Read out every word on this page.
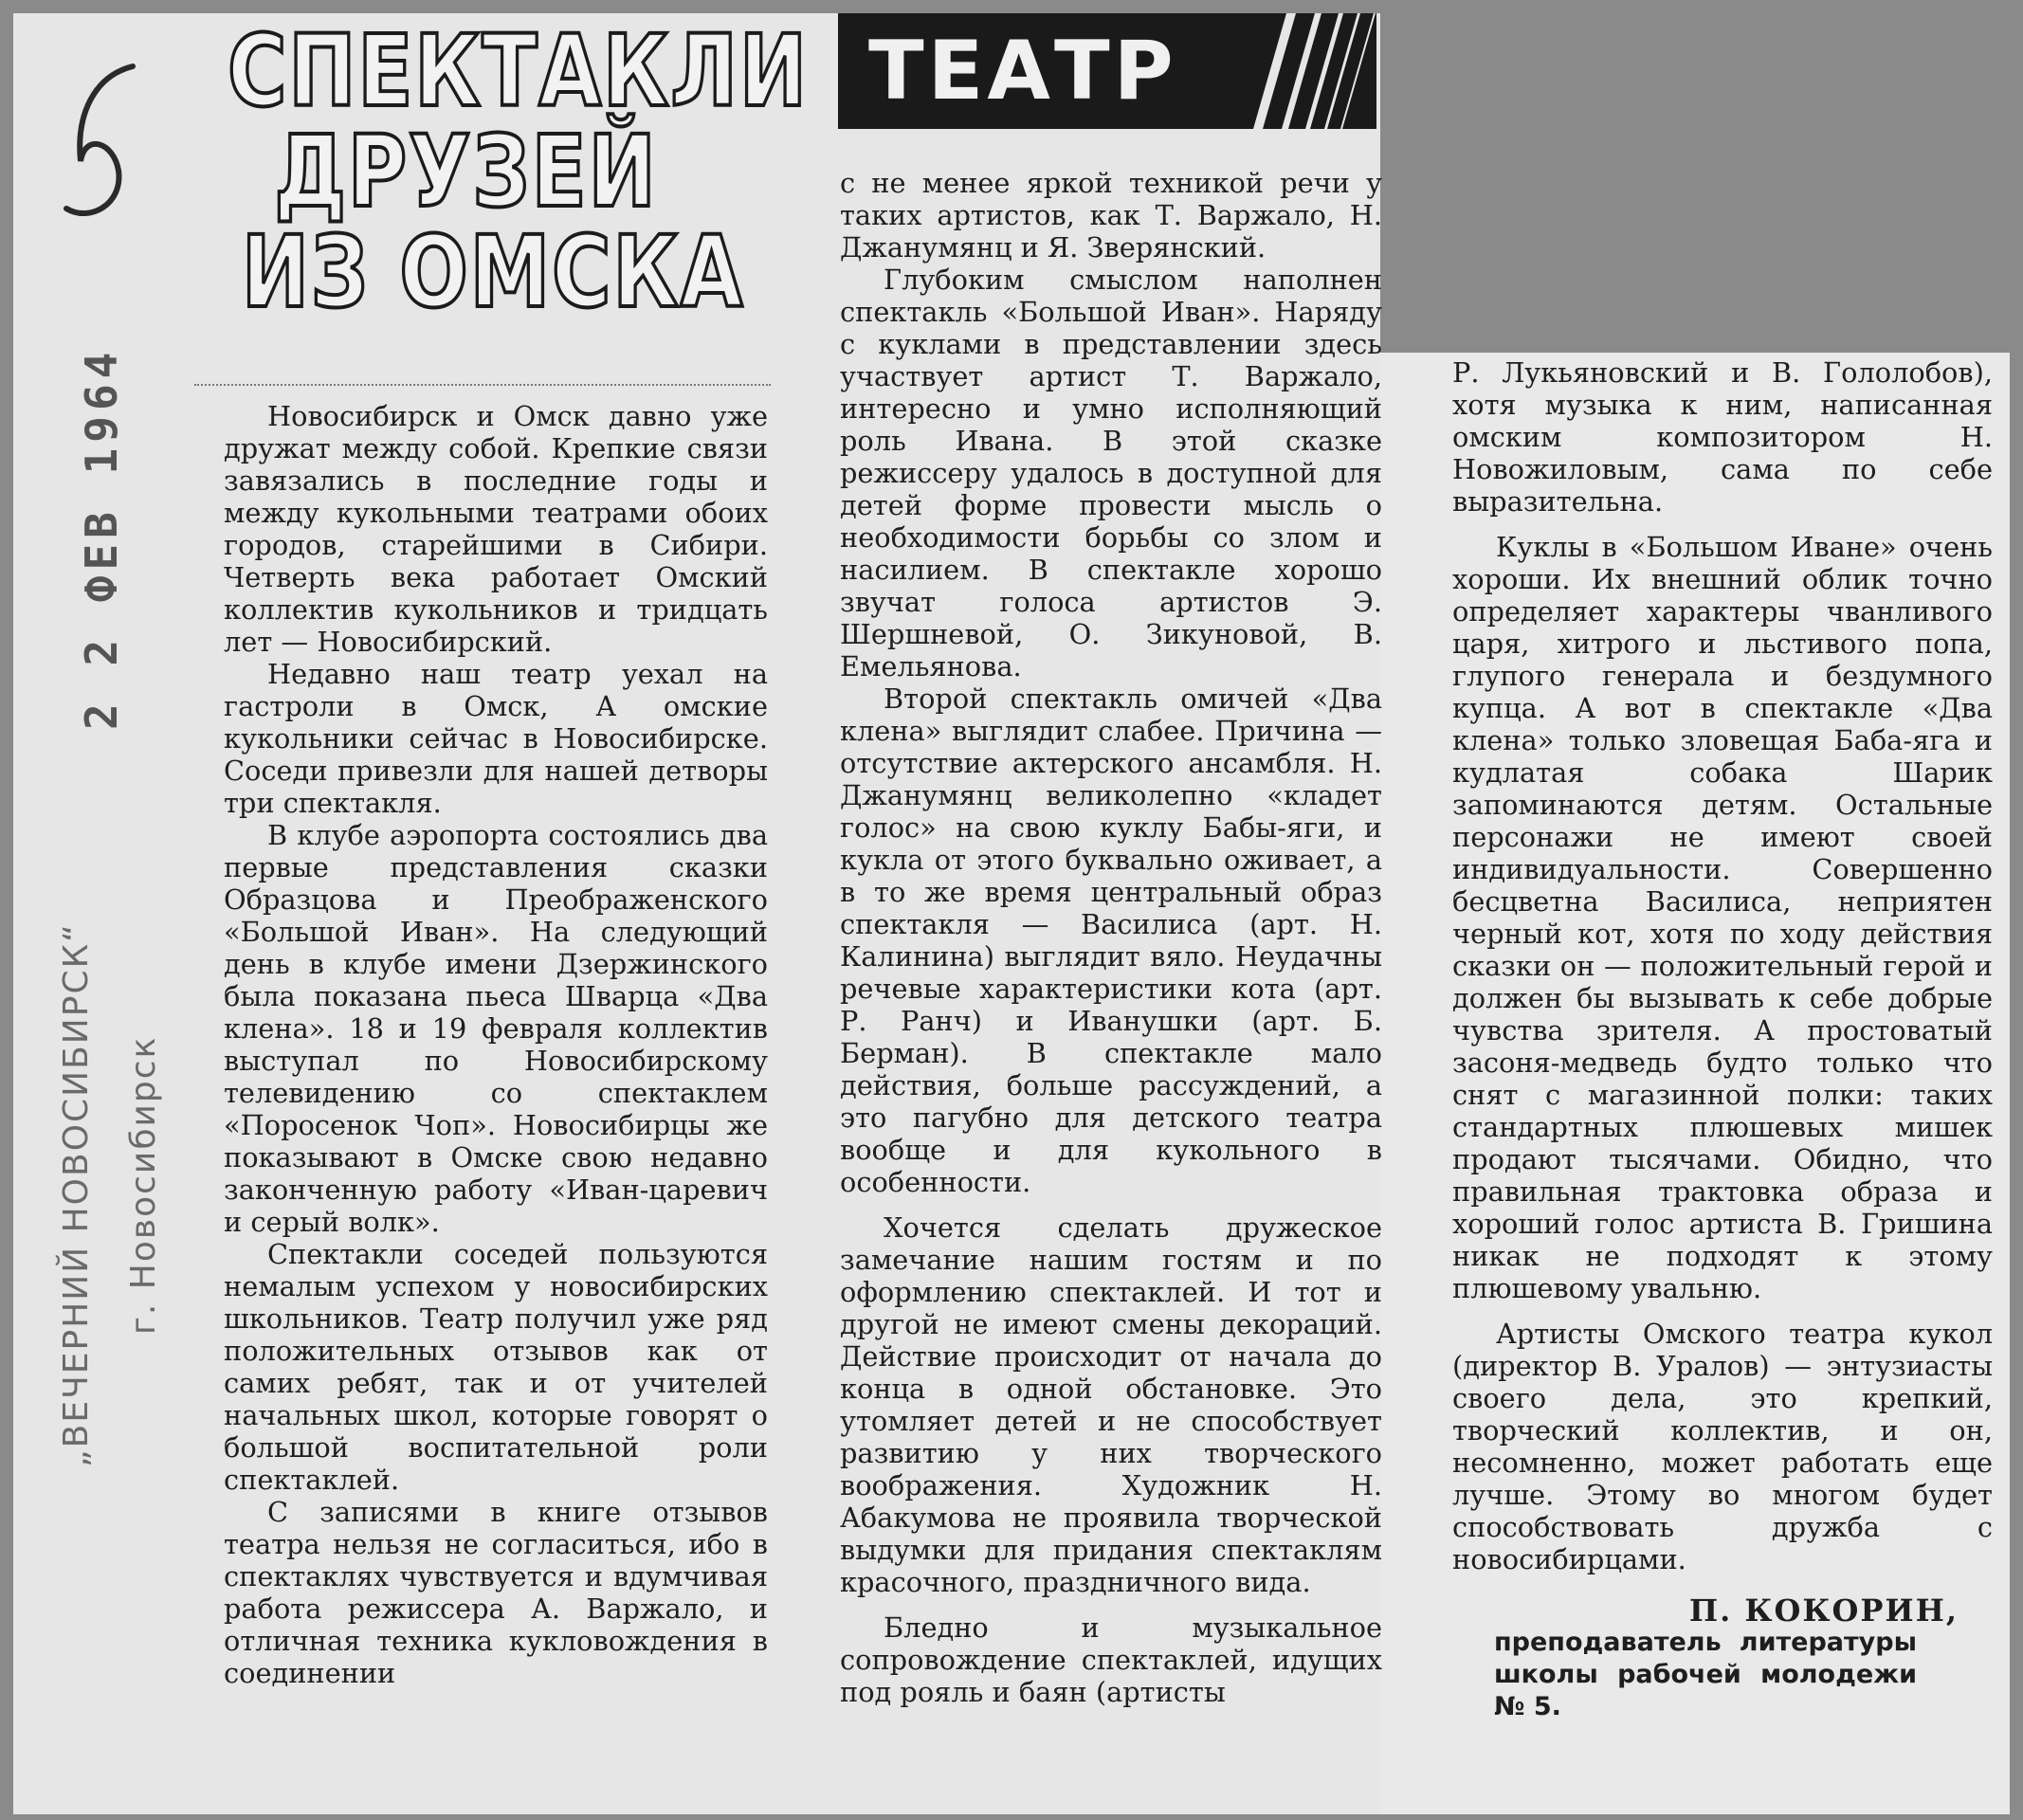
„ВЕЧЕРНИЙ НОВОСИБИРСК“ г. Новосибирск
2 2 ФЕВ 1964
СПЕКТАКЛИ
ДРУЗЕЙ
ИЗ ОМСКА
ТЕАТР

Новосибирск и Омск давно уже дружат между собой. Крепкие связи завязались в последние годы и между кукольными театрами обоих городов, старейшими в Сибири. Четверть века работает Омский коллектив кукольников и тридцать лет — Новосибирский.

Недавно наш театр уехал на гастроли в Омск, А омские кукольники сейчас в Новосибирске. Соседи привезли для нашей детворы три спектакля.

В клубе аэропорта состоялись два первые представления сказки Образцова и Преображенского «Большой Иван». На следующий день в клубе имени Дзержинского была показана пьеса Шварца «Два клена». 18 и 19 февраля коллектив выступал по Новосибирскому телевидению со спектаклем «Поросенок Чоп». Новосибирцы же показывают в Омске свою недавно законченную работу «Иван-царевич и серый волк».

Спектакли соседей пользуются немалым успехом у новосибирских школьников. Театр получил уже ряд положительных отзывов как от самих ребят, так и от учителей начальных школ, которые говорят о большой воспитательной роли спектаклей.

С записями в книге отзывов театра нельзя не согласиться, ибо в спектаклях чувствуется и вдумчивая работа режиссера А. Варжало, и отличная техника кукловождения в соединении

с не менее яркой техникой речи у таких артистов, как Т. Варжало, Н. Джанумянц и Я. Зверянский.

Глубоким смыслом наполнен спектакль «Большой Иван». Наряду с куклами в представлении здесь участвует артист Т. Варжало, интересно и умно исполняющий роль Ивана. В этой сказке режиссеру удалось в доступной для детей форме провести мысль о необходимости борьбы со злом и насилием. В спектакле хорошо звучат голоса артистов Э. Шершневой, О. Зикуновой, В. Емельянова.

Второй спектакль омичей «Два клена» выглядит слабее. Причина — отсутствие актерского ансамбля. Н. Джанумянц великолепно «кладет голос» на свою куклу Бабы-яги, и кукла от этого буквально оживает, а в то же время центральный образ спектакля — Василиса (арт. Н. Калинина) выглядит вяло. Неудачны речевые характеристики кота (арт. Р. Ранч) и Иванушки (арт. Б. Берман). В спектакле мало действия, больше рассуждений, а это пагубно для детского театра вообще и для кукольного в особенности.

Хочется сделать дружеское замечание нашим гостям и по оформлению спектаклей. И тот и другой не имеют смены декораций. Действие происходит от начала до конца в одной обстановке. Это утомляет детей и не способствует развитию у них творческого воображения. Художник Н. Абакумова не проявила творческой выдумки для придания спектаклям красочного, праздничного вида.

Бледно и музыкальное сопровождение спектаклей, идущих под рояль и баян (артисты

Р. Лукьяновский и В. Гололобов), хотя музыка к ним, написанная омским композитором Н. Новожиловым, сама по себе выразительна.

Куклы в «Большом Иване» очень хороши. Их внешний облик точно определяет характеры чванливого царя, хитрого и льстивого попа, глупого генерала и бездумного купца. А вот в спектакле «Два клена» только зловещая Баба-яга и кудлатая собака Шарик запоминаются детям. Остальные персонажи не имеют своей индивидуальности. Совершенно бесцветна Василиса, неприятен черный кот, хотя по ходу действия сказки он — положительный герой и должен бы вызывать к себе добрые чувства зрителя. А простоватый засоня-медведь будто только что снят с магазинной полки: таких стандартных плюшевых мишек продают тысячами. Обидно, что правильная трактовка образа и хороший голос артиста В. Гришина никак не подходят к этому плюшевому увальню.

Артисты Омского театра кукол (директор В. Уралов) — энтузиасты своего дела, это крепкий, творческий коллектив, и он, несомненно, может работать еще лучше. Этому во многом будет способствовать дружба с новосибирцами.

П. КОКОРИН,
преподаватель литературы школы рабочей молодежи № 5.
